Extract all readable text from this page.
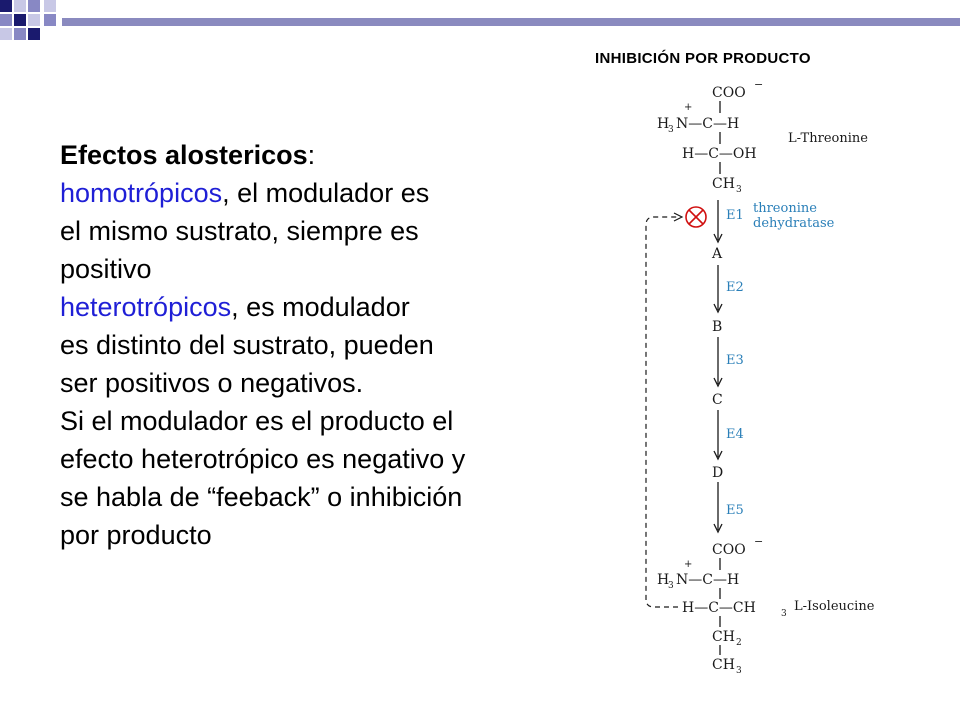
INHIBICIÓN POR PRODUCTO
Efectos alostericos:
homotrópicos, el modulador es
el mismo sustrato, siempre es
positivo
heterotrópicos, es modulador
es distinto del sustrato, pueden
ser positivos o negativos.
Si el modulador es el producto el
efecto heterotrópico es negativo y
se habla de “feeback” o inhibición
por producto
COO
−
+
H
3 N—C—H
H—C—OH
CH 3
L-Threonine
E1
E2
E3
E4
E5
threonine
dehydratase
A
B
C
D
COO
−
+
H
3 N—C—H
H—C—CH	3
CH 2
CH 3
L-Isoleucine
